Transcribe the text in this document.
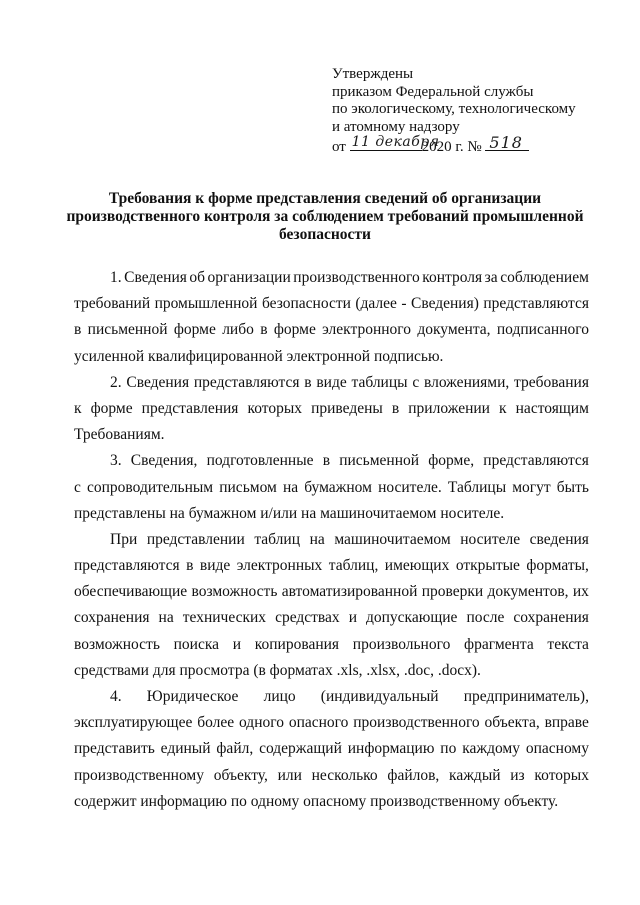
Утверждены
приказом Федеральной службы
по экологическому, технологическому
и атомному надзору
от 11 декабря
2020 г. № 518
Требования к форме представления сведений об организации
производственного контроля за соблюдением требований промышленной
безопасности
1. Сведения об организации производственного контроля за соблюдением
требований промышленной безопасности (далее - Сведения) представляются
в письменной форме либо в форме электронного документа, подписанного
усиленной квалифицированной электронной подписью.
2. Сведения представляются в виде таблицы с вложениями, требования
к форме представления которых приведены в приложении к настоящим
Требованиям.
3. Сведения, подготовленные в письменной форме, представляются
с сопроводительным письмом на бумажном носителе. Таблицы могут быть
представлены на бумажном и/или на машиночитаемом носителе.
При представлении таблиц на машиночитаемом носителе сведения
представляются в виде электронных таблиц, имеющих открытые форматы,
обеспечивающие возможность автоматизированной проверки документов, их
сохранения на технических средствах и допускающие после сохранения
возможность поиска и копирования произвольного фрагмента текста
средствами для просмотра (в форматах .xls, .xlsx, .doc, .docx).
4. Юридическое лицо (индивидуальный предприниматель),
эксплуатирующее более одного опасного производственного объекта, вправе
представить единый файл, содержащий информацию по каждому опасному
производственному объекту, или несколько файлов, каждый из которых
содержит информацию по одному опасному производственному объекту.
